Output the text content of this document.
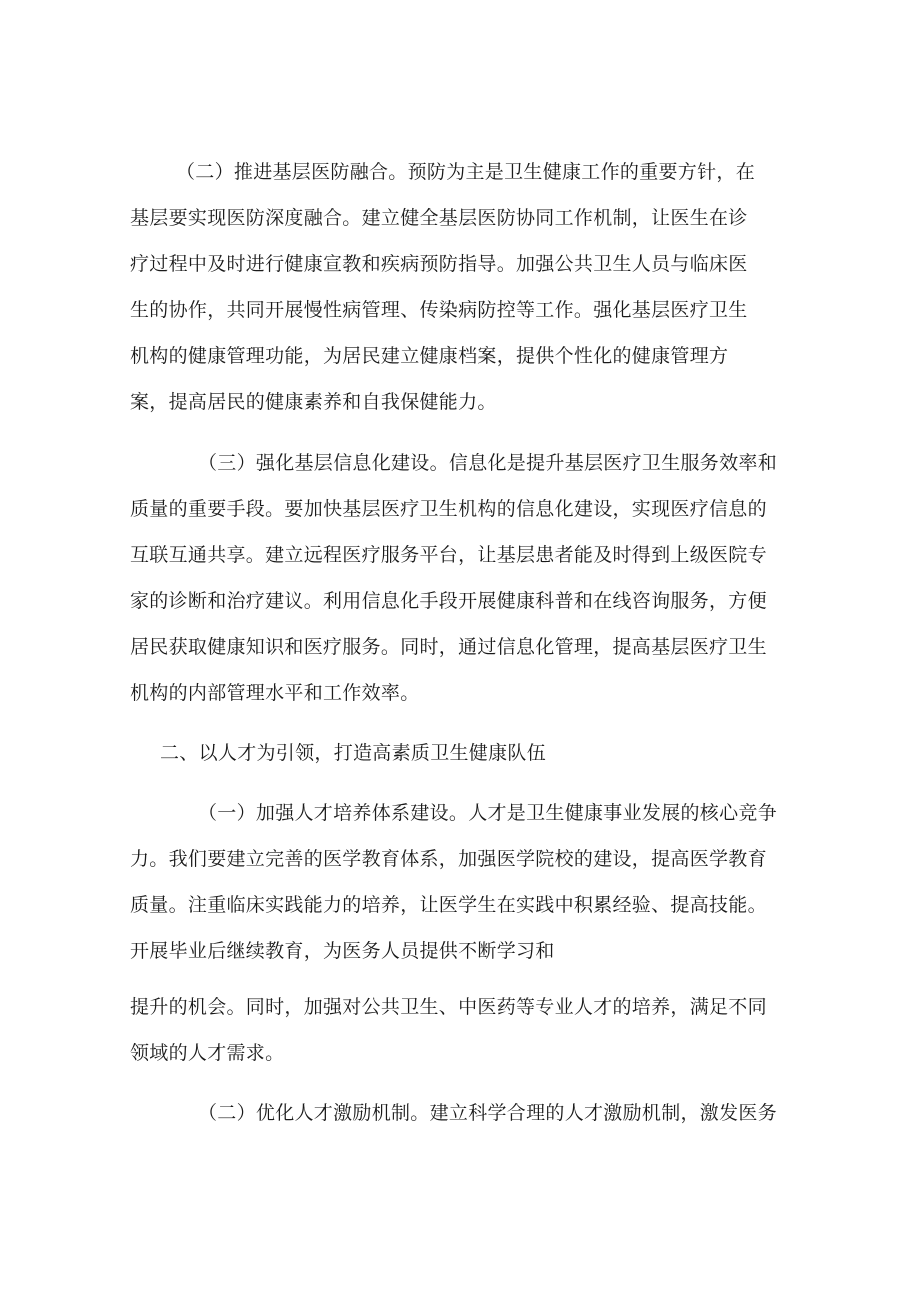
（二）推进基层医防融合。预防为主是卫生健康工作的重要方针，在
基层要实现医防深度融合。建立健全基层医防协同工作机制，让医生在诊
疗过程中及时进行健康宣教和疾病预防指导。加强公共卫生人员与临床医
生的协作，共同开展慢性病管理、传染病防控等工作。强化基层医疗卫生
机构的健康管理功能，为居民建立健康档案，提供个性化的健康管理方
案，提高居民的健康素养和自我保健能力。
（三）强化基层信息化建设。信息化是提升基层医疗卫生服务效率和
质量的重要手段。要加快基层医疗卫生机构的信息化建设，实现医疗信息的
互联互通共享。建立远程医疗服务平台，让基层患者能及时得到上级医院专
家的诊断和治疗建议。利用信息化手段开展健康科普和在线咨询服务，方便
居民获取健康知识和医疗服务。同时，通过信息化管理，提高基层医疗卫生
机构的内部管理水平和工作效率。
二、以人才为引领，打造高素质卫生健康队伍
（一）加强人才培养体系建设。人才是卫生健康事业发展的核心竞争
力。我们要建立完善的医学教育体系，加强医学院校的建设，提高医学教育
质量。注重临床实践能力的培养，让医学生在实践中积累经验、提高技能。
开展毕业后继续教育，为医务人员提供不断学习和
提升的机会。同时，加强对公共卫生、中医药等专业人才的培养，满足不同
领域的人才需求。
（二）优化人才激励机制。建立科学合理的人才激励机制，激发医务
